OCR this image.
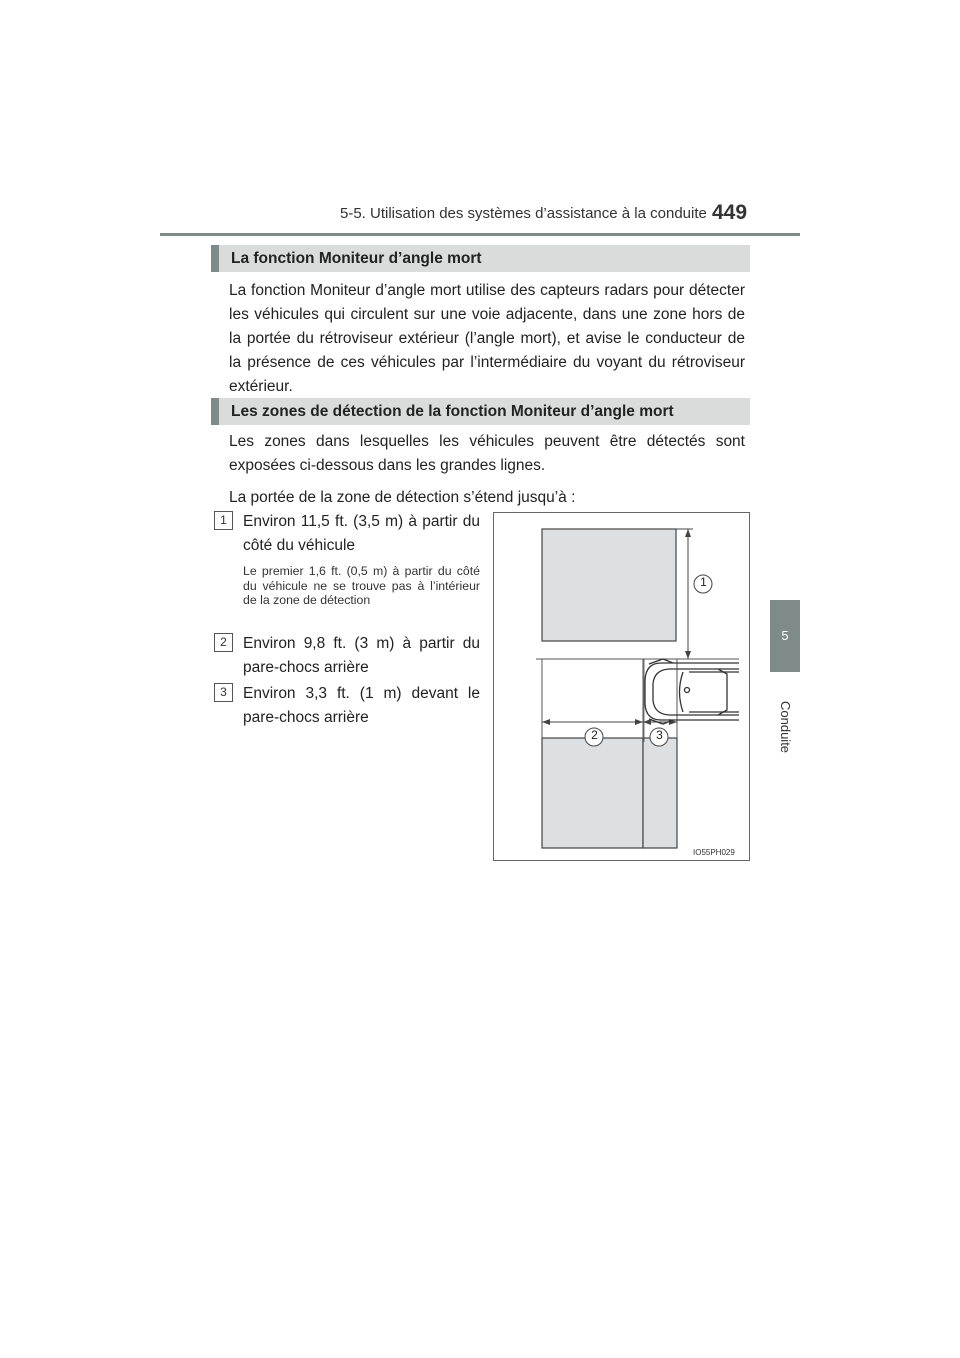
5-5. Utilisation des systèmes d’assistance à la conduite 449
5
Conduite
La fonction Moniteur d’angle mort
La fonction Moniteur d’angle mort utilise des capteurs radars pour détecter les véhicules qui circulent sur une voie adjacente, dans une zone hors de la portée du rétroviseur extérieur (l’angle mort), et avise le conducteur de la présence de ces véhicules par l’intermédiaire du voyant du rétroviseur extérieur.
Les zones de détection de la fonction Moniteur d’angle mort
Les zones dans lesquelles les véhicules peuvent être détectés sont exposées ci-dessous dans les grandes lignes.
La portée de la zone de détection s’étend jusqu’à :
1	Environ 11,5 ft. (3,5 m) à partir du côté du véhicule
Le premier 1,6 ft. (0,5 m) à partir du côté du véhicule ne se trouve pas à l’intérieur de la zone de détection
2	Environ 9,8 ft. (3 m) à partir du pare-chocs arrière
3	Environ 3,3 ft. (1 m) devant le pare-chocs arrière
1
2	3
IO55PH029
